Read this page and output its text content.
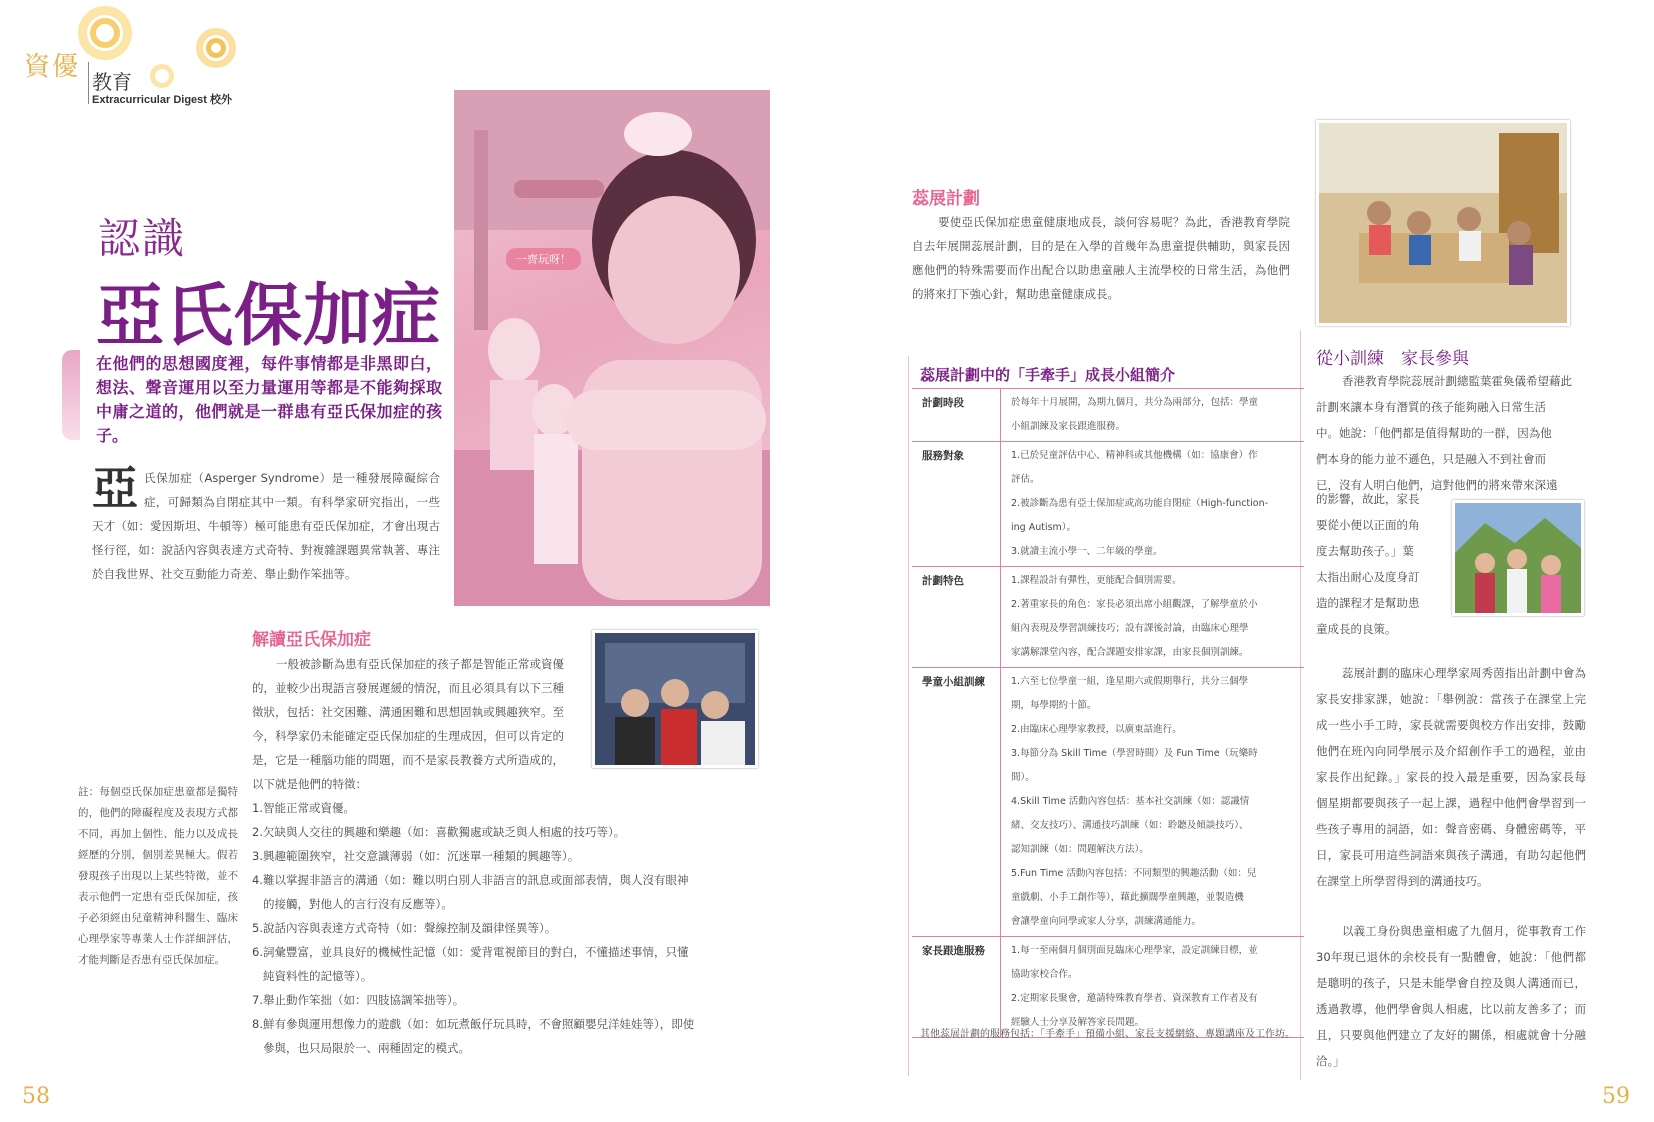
資優 教育
Extracurricular Digest 校外
認識
亞氏保加症
在他們的思想國度裡，每件事情都是非黑即白，想法、聲音運用以至力量運用等都是不能夠採取中庸之道的，他們就是一群患有亞氏保加症的孩子。
亞氏保加症（Asperger Syndrome）是一種發展障礙綜合症，可歸類為自閉症其中一類。有科學家研究指出，一些天才（如：愛因斯坦、牛頓等）極可能患有亞氏保加症，才會出現古怪行徑，如：說話內容與表達方式奇特、對複雜課題異常執著、專注於自我世界、社交互動能力奇差、舉止動作笨拙等。
一齊玩呀！
解讀亞氏保加症
一般被診斷為患有亞氏保加症的孩子都是智能正常或資優的，並較少出現語言發展遲緩的情況，而且必須具有以下三種徵狀，包括：社交困難、溝通困難和思想固執或興趣狹窄。至今，科學家仍未能確定亞氏保加症的生理成因，但可以肯定的是，它是一種腦功能的問題，而不是家長教養方式所造成的，以下就是他們的特徵：
1.智能正常或資優。
2.欠缺與人交往的興趣和樂趣（如：喜歡獨處或缺乏與人相處的技巧等）。
3.興趣範圍狹窄，社交意識薄弱（如：沉迷單一種類的興趣等）。
4.難以掌握非語言的溝通（如：難以明白別人非語言的訊息或面部表情，與人沒有眼神
的接觸，對他人的言行沒有反應等）。
5.說話內容與表達方式奇特（如：聲線控制及韻律怪異等）。
6.詞彙豐富，並具良好的機械性記憶（如：愛背電視節目的對白，不懂描述事情，只懂
純資料性的記憶等）。
7.舉止動作笨拙（如：四肢協調笨拙等）。
8.鮮有參與運用想像力的遊戲（如：如玩煮飯仔玩具時，不會照顧嬰兒洋娃娃等），即使
參與，也只局限於一、兩種固定的模式。
註：每個亞氏保加症患童都是獨特的，他們的障礙程度及表現方式都不同，再加上個性、能力以及成長經歷的分別，個別差異極大。假若發現孩子出現以上某些特徵，並不表示他們一定患有亞氏保加症，孩子必須經由兒童精神科醫生、臨床心理學家等專業人士作詳細評估，才能判斷是否患有亞氏保加症。
58
蕊展計劃
要使亞氏保加症患童健康地成長，談何容易呢？為此，香港教育學院自去年展開蕊展計劃，目的是在入學的首幾年為患童提供輔助，與家長因應他們的特殊需要而作出配合以助患童融人主流學校的日常生活，為他們的將來打下強心針，幫助患童健康成長。
蕊展計劃中的「手牽手」成長小組簡介
計劃時段	於每年十月展開，為期九個月，共分為兩部分，包括：學童
小組訓練及家長跟進服務。
服務對象	1.已於兒童評估中心、精神科或其他機構（如：協康會）作
評估。
2.被診斷為患有亞士保加症或高功能自閉症（High-function-
ing Autism）。
3.就讀主流小學一、二年級的學童。
計劃特色	1.課程設計有彈性，更能配合個別需要。
2.著重家長的角色：家長必須出席小組觀課，了解學童於小
組內表現及學習訓練技巧；設有課後討論，由臨床心理學
家講解課堂內容，配合課題安排家課，由家長個別訓練。
學童小組訓練	1.六至七位學童一組，逢星期六或假期舉行，共分三個學
期，每學期約十節。
2.由臨床心理學家教授，以廣東話進行。
3.每節分為 Skill Time（學習時間）及 Fun Time（玩樂時
間）。
4.Skill Time 活動內容包括：基本社交訓練（如：認識情
緒、交友技巧）、溝通技巧訓練（如：聆聽及傾談技巧）、
認知訓練（如：問題解決方法）。
5.Fun Time 活動內容包括：不同類型的興趣活動（如：兒
童戲劇、小手工創作等），藉此擴闊學童興趣，並製造機
會讓學童向同學或家人分享，訓練溝通能力。
家長跟進服務	1.每一至兩個月個別面見臨床心理學家，設定訓練目標，並
協助家校合作。
2.定期家長聚會，邀請特殊教育學者、資深教育工作者及有
經驗人士分享及解答家長問題。
其他蕊展計劃的服務包括：「手牽手」預備小組、家長支援網絡、專題講座及工作坊。
從小訓練　家長參與
香港教育學院蕊展計劃總監葉霍奐儀希望藉此
計劃來讓本身有潛質的孩子能夠融入日常生活
中。她說：「他們都是值得幫助的一群，因為他
們本身的能力並不遜色，只是融入不到社會而
已，沒有人明白他們，這對他們的將來帶來深遠
的影響，故此，家長
要從小便以正面的角
度去幫助孩子。」葉
太指出耐心及度身訂
造的課程才是幫助患
童成長的良策。
蕊展計劃的臨床心理學家周秀茵指出計劃中會為家長安排家課，她說：「舉例說：當孩子在課堂上完成一些小手工時，家長就需要與校方作出安排，鼓勵他們在班內向同學展示及介紹創作手工的過程，並由家長作出紀錄。」家長的投入最是重要，因為家長每個星期都要與孩子一起上課，過程中他們會學習到一些孩子專用的詞語，如：聲音密碼、身體密碼等，平日，家長可用這些詞語來與孩子溝通，有助勾起他們在課堂上所學習得到的溝通技巧。
以義工身份與患童相處了九個月，從事教育工作30年現已退休的余校長有一點體會，她說：「他們都是聰明的孩子，只是未能學會自控及與人溝通而已，透過教導，他們學會與人相處，比以前友善多了；而且，只要與他們建立了友好的關係，相處就會十分融洽。」
59
